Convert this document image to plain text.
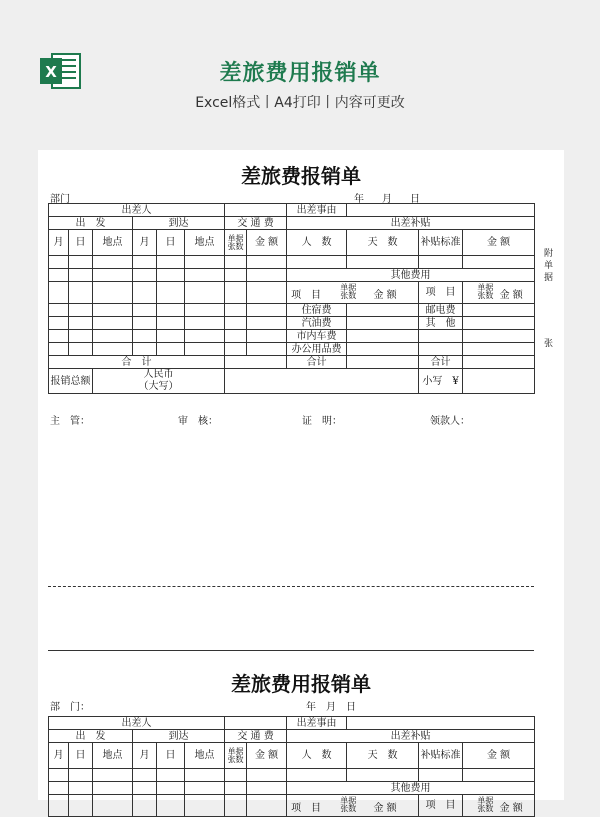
X	差旅费用报销单
Excel格式丨A4打印丨内容可更改
差旅费报销单
部门	年 月 日
出差人								出差事由			
出　发			到达			交 通 费		出差补贴			
月	日	地点	月	日	地点	单据张数	金 额	人　数	天　数	补贴标准	金 额

								其他费用			
								项　目 单据张数 金 额		项　目	单据张数 金 额
								住宿费		邮电费	
								汽油费		其　他	
								市内车费			
								办公用品费			
合　计								合计		合计	
报销总额		人民币
（大写）								小写　¥	
附单据
张
主　管：	审　核：	证　明：	领款人：
差旅费用报销单
部　门：	年　月　日
出差人								出差事由			
出　发			到达			交 通 费		出差补贴			
月	日	地点	月	日	地点	单据张数	金 额	人　数	天　数	补贴标准	金 额

								其他费用			
								项　目 单据张数 金 额		项　目	单据张数 金 额
